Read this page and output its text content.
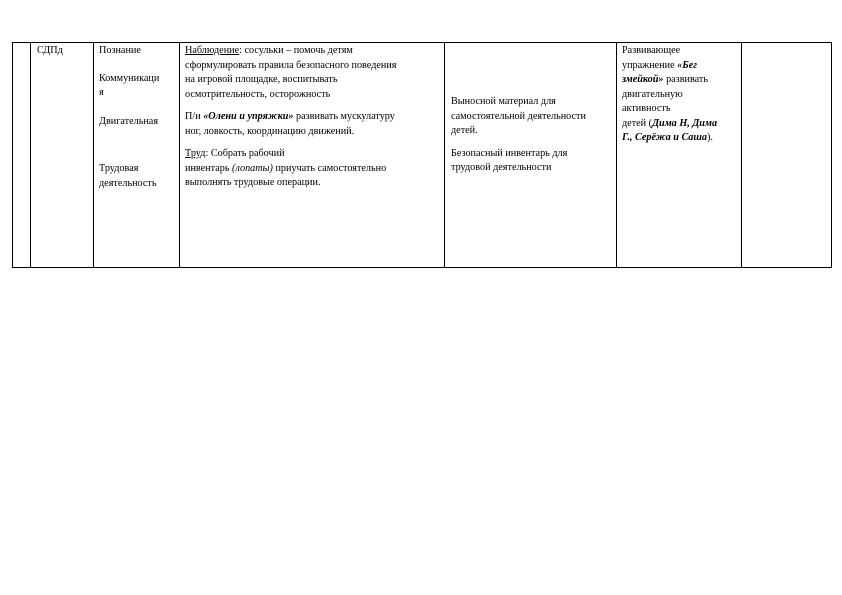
СДПд	Познание

Коммуникаци
я

Двигательная

Трудовая
деятельность

Наблюдение: сосульки – помочь детям
сформулировать правила безопасного поведения
на игровой площадке, воспитывать
осмотрительность, осторожность

П/и «Олени и упряжки» развивать мускулатуру
ног, ловкость, координацию движений.

Труд: Собрать рабочий
инвентарь (лопаты) приучать самостоятельно
выполнять трудовые операции.

Выносной материал для
самостоятельной деятельности
детей.

Безопасный инвентарь для
трудовой деятельности

Развивающее
упражнение «Бег
змейкой» развивать
двигательную
активность
детей (Дима Н, Дима
Г., Серёжа и Саша).
